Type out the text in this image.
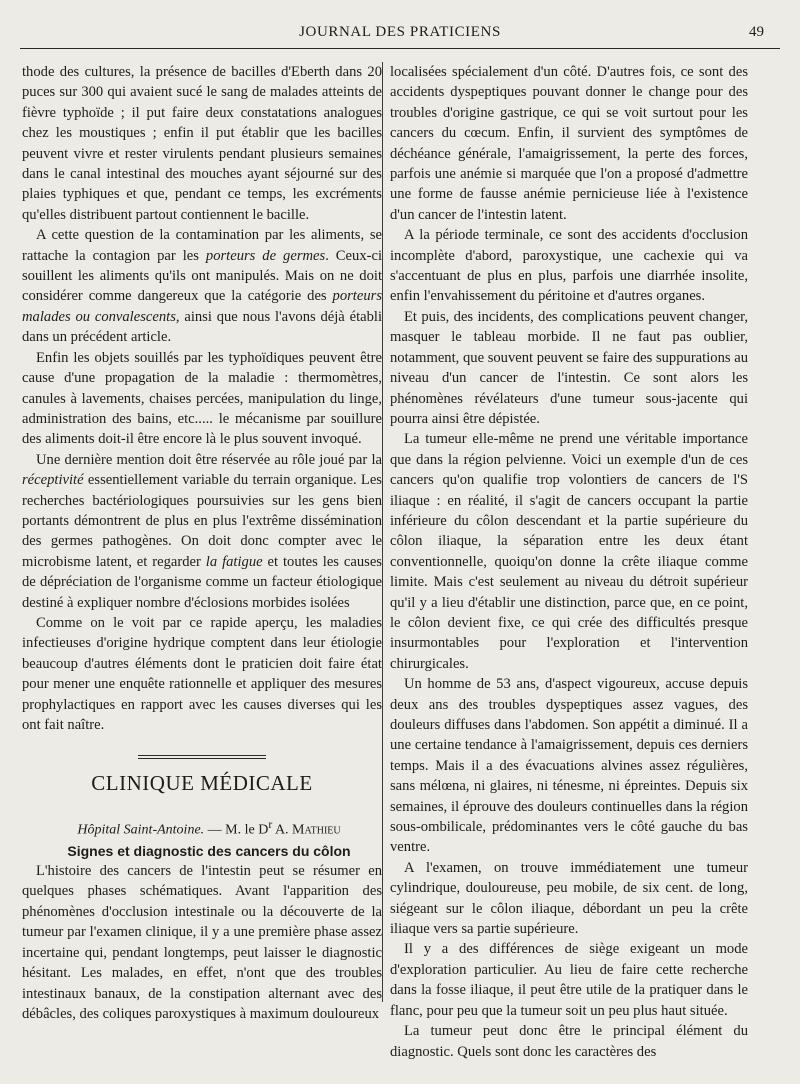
JOURNAL DES PRATICIENS	49

thode des cultures, la présence de bacilles d'Eberth dans 20 puces sur 300 qui avaient sucé le sang de malades atteints de fièvre typhoïde ; il put faire deux constatations analogues chez les moustiques ; enfin il put établir que les bacilles peuvent vivre et rester virulents pendant plusieurs semaines dans le canal intestinal des mouches ayant séjourné sur des plaies typhiques et que, pendant ce temps, les excréments qu'elles distribuent partout contiennent le bacille.

A cette question de la contamination par les aliments, se rattache la contagion par les porteurs de germes. Ceux-ci souillent les aliments qu'ils ont manipulés. Mais on ne doit considérer comme dangereux que la catégorie des porteurs malades ou convalescents, ainsi que nous l'avons déjà établi dans un précédent article.

Enfin les objets souillés par les typhoïdiques peuvent être cause d'une propagation de la maladie : thermomètres, canules à lavements, chaises percées, manipulation du linge, administration des bains, etc..... le mécanisme par souillure des aliments doit-il être encore là le plus souvent invoqué.

Une dernière mention doit être réservée au rôle joué par la réceptivité essentiellement variable du terrain organique. Les recherches bactériologiques poursuivies sur les gens bien portants démontrent de plus en plus l'extrême dissémination des germes pathogènes. On doit donc compter avec le microbisme latent, et regarder la fatigue et toutes les causes de dépréciation de l'organisme comme un facteur étiologique destiné à expliquer nombre d'éclosions morbides isolées

Comme on le voit par ce rapide aperçu, les maladies infectieuses d'origine hydrique comptent dans leur étiologie beaucoup d'autres éléments dont le praticien doit faire état pour mener une enquête rationnelle et appliquer des mesures prophylactiques en rapport avec les causes diverses qui les ont fait naître.

CLINIQUE MÉDICALE

Hôpital Saint-Antoine. — M. le $D^r$ A. Mathieu

Signes et diagnostic des cancers du côlon

L'histoire des cancers de l'intestin peut se résumer en quelques phases schématiques. Avant l'apparition des phénomènes d'occlusion intestinale ou la découverte de la tumeur par l'examen clinique, il y a une première phase assez incertaine qui, pendant longtemps, peut laisser le diagnostic hésitant. Les malades, en effet, n'ont que des troubles intestinaux banaux, de la constipation alternant avec des débâcles, des coliques paroxystiques à maximum douloureux

localisées spécialement d'un côté. D'autres fois, ce sont des accidents dyspeptiques pouvant donner le change pour des troubles d'origine gastrique, ce qui se voit surtout pour les cancers du cœcum. Enfin, il survient des symptômes de déchéance générale, l'amaigrissement, la perte des forces, parfois une anémie si marquée que l'on a proposé d'admettre une forme de fausse anémie pernicieuse liée à l'existence d'un cancer de l'intestin latent.

A la période terminale, ce sont des accidents d'occlusion incomplète d'abord, paroxystique, une cachexie qui va s'accentuant de plus en plus, parfois une diarrhée insolite, enfin l'envahissement du péritoine et d'autres organes.

Et puis, des incidents, des complications peuvent changer, masquer le tableau morbide. Il ne faut pas oublier, notamment, que souvent peuvent se faire des suppurations au niveau d'un cancer de l'intestin. Ce sont alors les phénomènes révélateurs d'une tumeur sous-jacente qui pourra ainsi être dépistée.

La tumeur elle-même ne prend une véritable importance que dans la région pelvienne. Voici un exemple d'un de ces cancers qu'on qualifie trop volontiers de cancers de l'S iliaque : en réalité, il s'agit de cancers occupant la partie inférieure du côlon descendant et la partie supérieure du côlon iliaque, la séparation entre les deux étant conventionnelle, quoiqu'on donne la crête iliaque comme limite. Mais c'est seulement au niveau du détroit supérieur qu'il y a lieu d'établir une distinction, parce que, en ce point, le côlon devient fixe, ce qui crée des difficultés presque insurmontables pour l'exploration et l'intervention chirurgicales.

Un homme de 53 ans, d'aspect vigoureux, accuse depuis deux ans des troubles dyspeptiques assez vagues, des douleurs diffuses dans l'abdomen. Son appétit a diminué. Il a une certaine tendance à l'amaigrissement, depuis ces derniers temps. Mais il a des évacuations alvines assez régulières, sans mélœna, ni glaires, ni ténesme, ni épreintes. Depuis six semaines, il éprouve des douleurs continuelles dans la région sous-ombilicale, prédominantes vers le côté gauche du bas ventre.

A l'examen, on trouve immédiatement une tumeur cylindrique, douloureuse, peu mobile, de six cent. de long, siégeant sur le côlon iliaque, débordant un peu la crête iliaque vers sa partie supérieure.

Il y a des différences de siège exigeant un mode d'exploration particulier. Au lieu de faire cette recherche dans la fosse iliaque, il peut être utile de la pratiquer dans le flanc, pour peu que la tumeur soit un peu plus haut située.

La tumeur peut donc être le principal élément du diagnostic. Quels sont donc les caractères des
